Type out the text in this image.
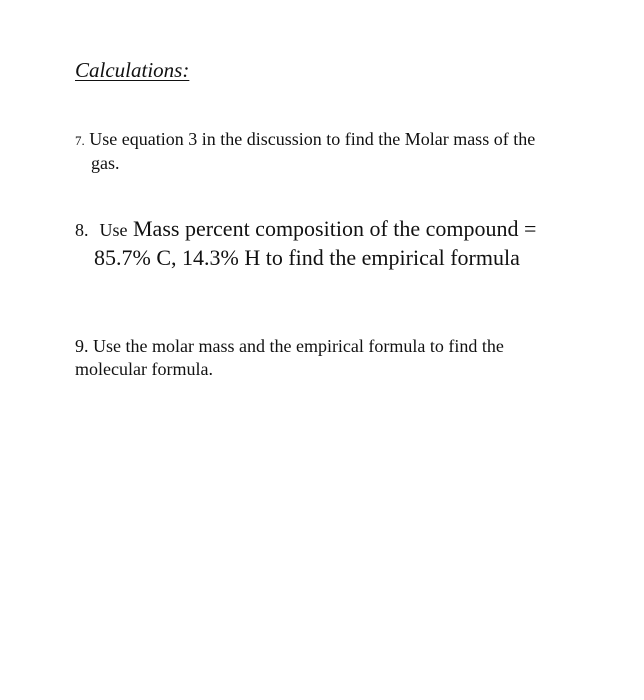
Calculations:
7. Use equation 3 in the discussion to find the Molar mass of the
gas.
8. Use Mass percent composition of the compound =
85.7% C, 14.3% H to find the empirical formula
9. Use the molar mass and the empirical formula to find the
molecular formula.
